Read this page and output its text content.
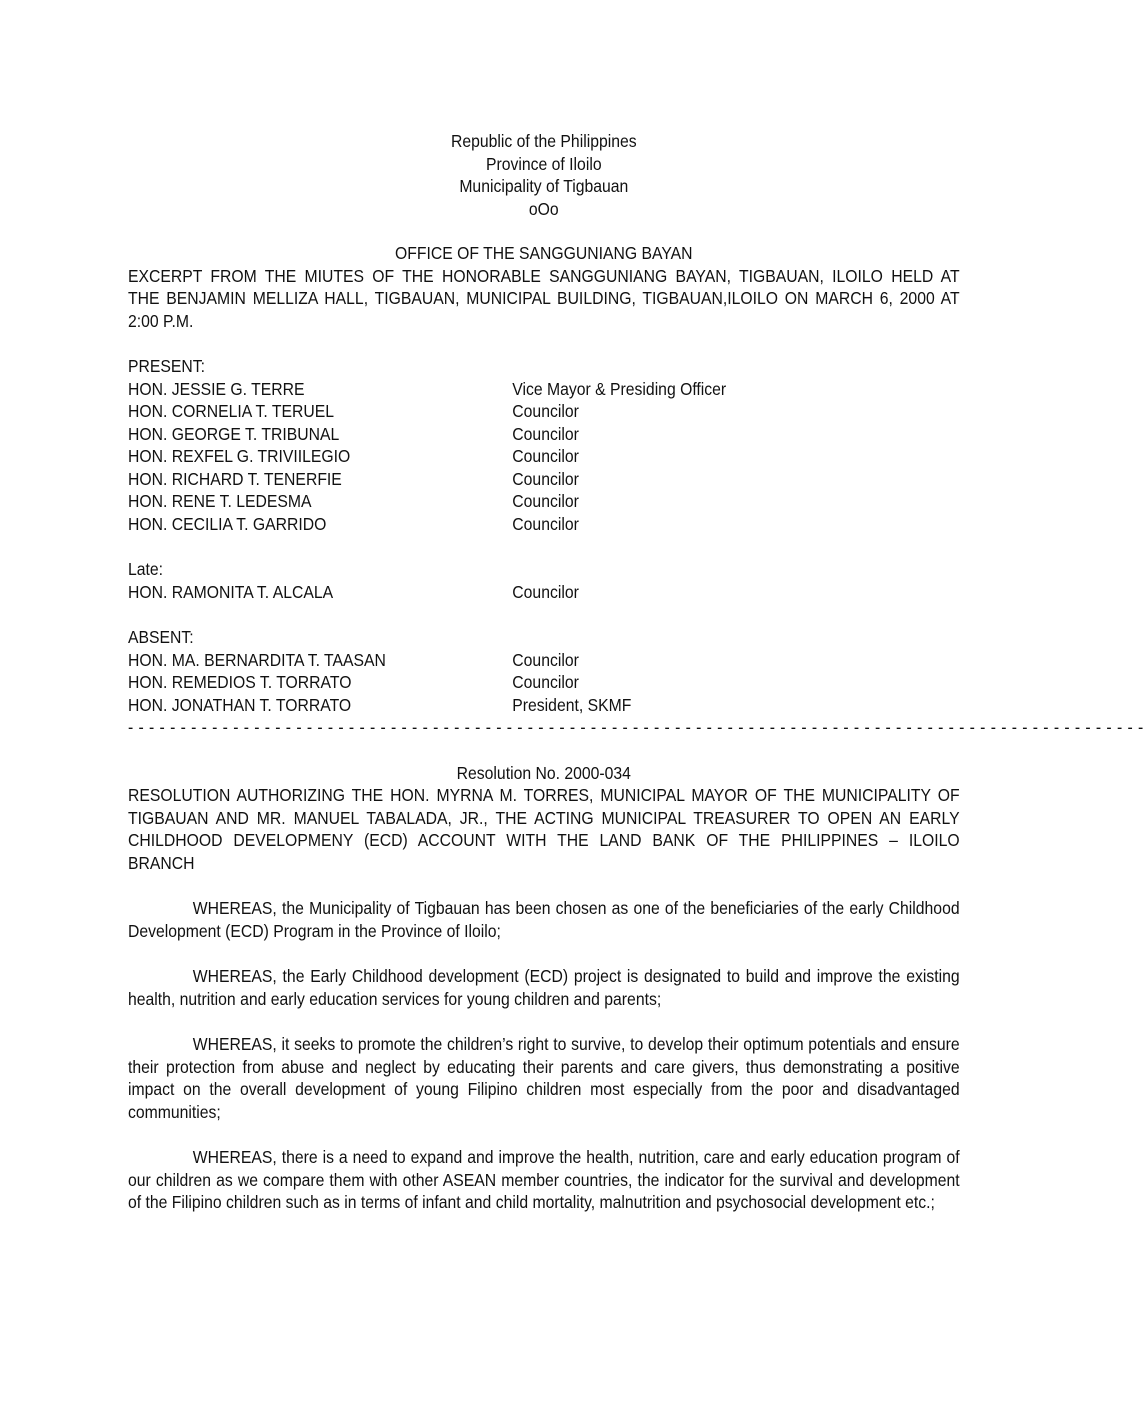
Republic of the Philippines
Province of Iloilo
Municipality of Tigbauan
oOo
OFFICE OF THE SANGGUNIANG BAYAN
EXCERPT FROM THE MIUTES OF THE HONORABLE SANGGUNIANG BAYAN, TIGBAUAN, ILOILO HELD AT
THE BENJAMIN MELLIZA HALL, TIGBAUAN, MUNICIPAL BUILDING, TIGBAUAN,ILOILO ON MARCH 6, 2000 AT
2:00 P.M.
PRESENT:
HON. JESSIE G. TERRE	Vice Mayor & Presiding Officer
HON. CORNELIA T. TERUEL	Councilor
HON. GEORGE T. TRIBUNAL	Councilor
HON. REXFEL G. TRIVIILEGIO	Councilor
HON. RICHARD T. TENERFIE	Councilor
HON. RENE T. LEDESMA	Councilor
HON. CECILIA T. GARRIDO	Councilor
Late:
HON. RAMONITA T. ALCALA	Councilor
ABSENT:
HON. MA. BERNARDITA T. TAASAN	Councilor
HON. REMEDIOS T. TORRATO	Councilor
HON. JONATHAN T. TORRATO	President, SKMF
- - - - - - - - - - - - - - - - - - - - - - - - - - - - - - - - - - - - - - - - - - - - - - - - - - - - - - - - - - - - - - - - - - - - - - - - - - - - - - - - - - - - - - - - - - - - - - - - -
Resolution No. 2000-034
RESOLUTION AUTHORIZING THE HON. MYRNA M. TORRES, MUNICIPAL MAYOR OF THE MUNICIPALITY OF
TIGBAUAN AND MR. MANUEL TABALADA, JR., THE ACTING MUNICIPAL TREASURER TO OPEN AN EARLY
CHILDHOOD DEVELOPMENY (ECD) ACCOUNT WITH THE LAND BANK OF THE PHILIPPINES – ILOILO
BRANCH
WHEREAS, the Municipality of Tigbauan has been chosen as one of the beneficiaries of the early Childhood Development (ECD) Program in the Province of Iloilo;
WHEREAS, the Early Childhood development (ECD) project is designated to build and improve the existing health, nutrition and early education services for young children and parents;
WHEREAS, it seeks to promote the children’s right to survive, to develop their optimum potentials and ensure their protection from abuse and neglect by educating their parents and care givers, thus demonstrating a positive impact on the overall development of young Filipino children most especially from the poor and disadvantaged communities;
WHEREAS, there is a need to expand and improve the health, nutrition, care and early education program of our children as we compare them with other ASEAN member countries, the indicator for the survival and development of the Filipino children such as in terms of infant and child mortality, malnutrition and psychosocial development etc.;
